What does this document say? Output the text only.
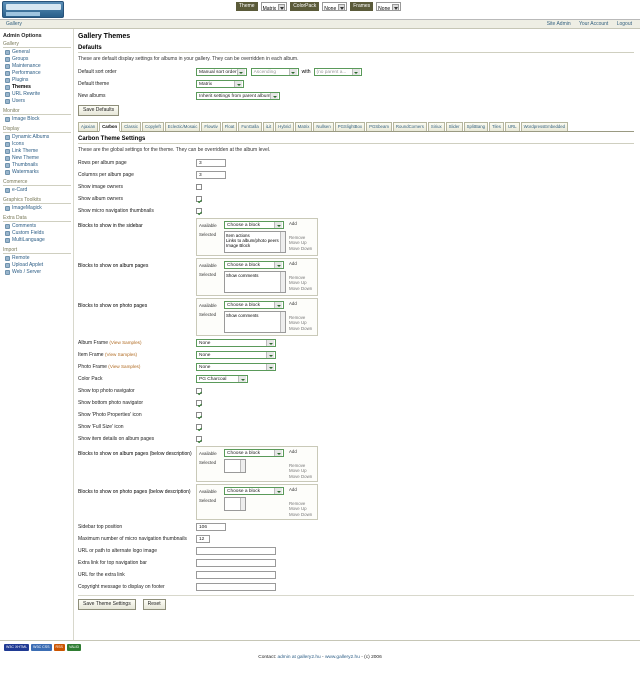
Theme	Matrix	ColorPack	None	Frames	None
Gallery	Site Admin Your Account Logout
Admin Options
Gallery
General
Groups
Maintenance
Performance
Plugins
Themes
URL Rewrite
Users
Monitor
Image Block
Display
Dynamic Albums
Icons
Link Theme
New Theme
Thumbnails
Watermarks
Commerce
e-Card
Graphics Toolkits
ImageMagick
Extra Data
Comments
Custom Fields
MultiLanguage
Import
Remote
Upload Applet
Web / Server
Gallery Themes
Defaults

These are default display settings for albums in your gallery. They can be overridden in each album.

Default sort order	Manual sort order	Ascending	with	(no parent a...
Default theme	Matrix
New albums	Inherit settings from parent album
Save Defaults
Ajaxian	Carbon	Classic	Copyleft	Eclectic/Mosaic	Flowtiv	Float	FunGalla	iLit	Hybrid	Matrix	Nullsen	PGSlightBox	PGSbeam	RoundCorners	Siriux	Slider	SplitBang	Tiles	URL	WordpressEmbedded
Carbon Theme Settings

These are the global settings for the theme. They can be overridden at the album level.

Rows per album page	3
Columns per album page	3
Show image owners
Show album owners
Show micro navigation thumbnails
Blocks to show in the sidebar	Available
Selected
Choose a block
Item actions
Links to album/photo peers
Image Block
Add
Remove
Move Up
Move Down
Blocks to show on album pages	Available
Selected
Choose a block
Show comments
Add
Remove
Move Up
Move Down
Blocks to show on photo pages	Available
Selected
Choose a block
Show comments
Add
Remove
Move Up
Move Down
Album Frame (View Samples)	None
Item Frame (View Samples)	None
Photo Frame (View Samples)	None
Color Pack	PG Charcoal
Show top photo navigator
Show bottom photo navigator
Show 'Photo Properties' icon
Show 'Full Size' icon
Show item details on album pages
Blocks to show on album pages (below description)	Available
Selected
Choose a block	Add
Remove
Move Up
Move Down
Blocks to show on photo pages (below description)	Available
Selected
Choose a block	Add
Remove
Move Up
Move Down
Sidebar top position	106
Maximum number of micro navigation thumbnails	12
URL or path to alternate logo image
Extra link for top navigation bar
URL for the extra link
Copyright message to display on footer
Save Theme Settings	Reset
W3C XHTML	W3C CSS	RSS	VALID
Contact: admin at gallery2.hu - www.gallery2.hu - (c) 2006
